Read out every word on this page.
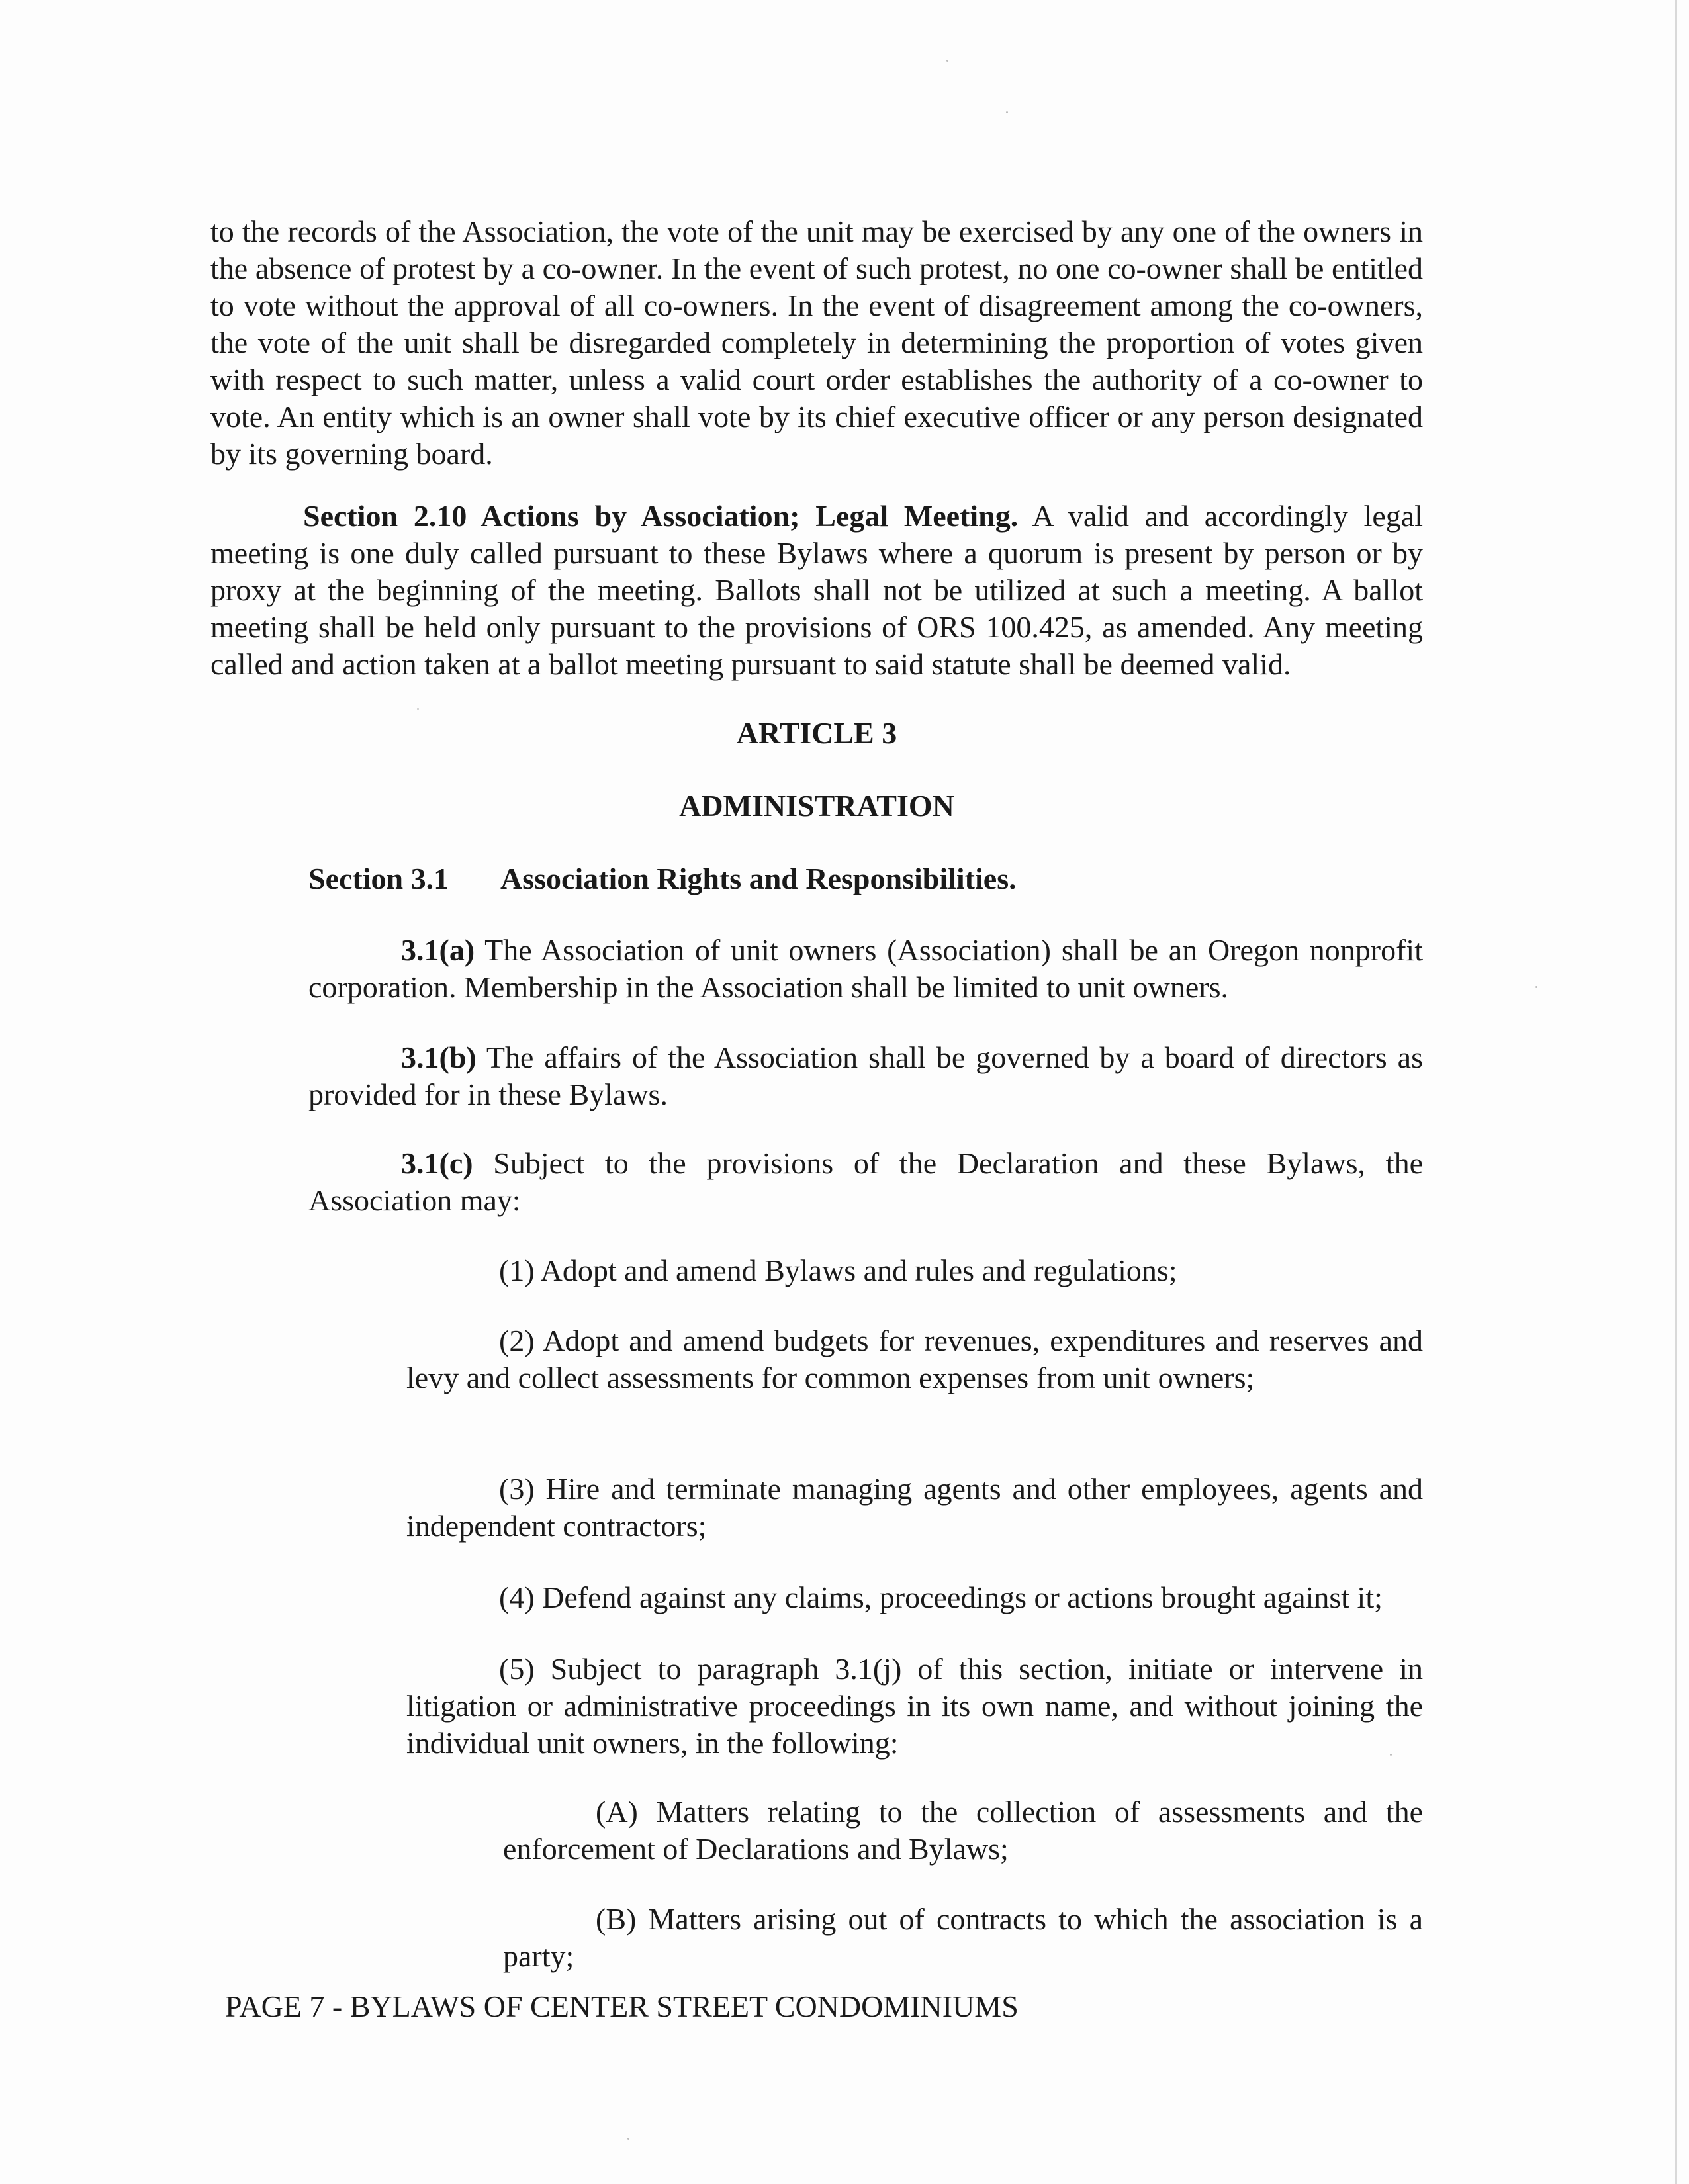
to the records of the Association, the vote of the unit may be exercised by any one of the owners in the absence of protest by a co-owner. In the event of such protest, no one co-owner shall be entitled to vote without the approval of all co-owners. In the event of disagreement among the co-owners, the vote of the unit shall be disregarded completely in determining the proportion of votes given with respect to such matter, unless a valid court order establishes the authority of a co-owner to vote. An entity which is an owner shall vote by its chief executive officer or any person designated by its governing board.

Section 2.10 Actions by Association; Legal Meeting. A valid and accordingly legal meeting is one duly called pursuant to these Bylaws where a quorum is present by person or by proxy at the beginning of the meeting. Ballots shall not be utilized at such a meeting. A ballot meeting shall be held only pursuant to the provisions of ORS 100.425, as amended. Any meeting called and action taken at a ballot meeting pursuant to said statute shall be deemed valid.

ARTICLE 3
ADMINISTRATION
Section 3.1 Association Rights and Responsibilities.

3.1(a) The Association of unit owners (Association) shall be an Oregon nonprofit corporation. Membership in the Association shall be limited to unit owners.

3.1(b) The affairs of the Association shall be governed by a board of directors as provided for in these Bylaws.

3.1(c) Subject to the provisions of the Declaration and these Bylaws, the Association may:

(1) Adopt and amend Bylaws and rules and regulations;

(2) Adopt and amend budgets for revenues, expenditures and reserves and levy and collect assessments for common expenses from unit owners;

(3) Hire and terminate managing agents and other employees, agents and independent contractors;

(4) Defend against any claims, proceedings or actions brought against it;

(5) Subject to paragraph 3.1(j) of this section, initiate or intervene in litigation or administrative proceedings in its own name, and without joining the individual unit owners, in the following:

(A) Matters relating to the collection of assessments and the enforcement of Declarations and Bylaws;

(B) Matters arising out of contracts to which the association is a party;

PAGE 7 - BYLAWS OF CENTER STREET CONDOMINIUMS
